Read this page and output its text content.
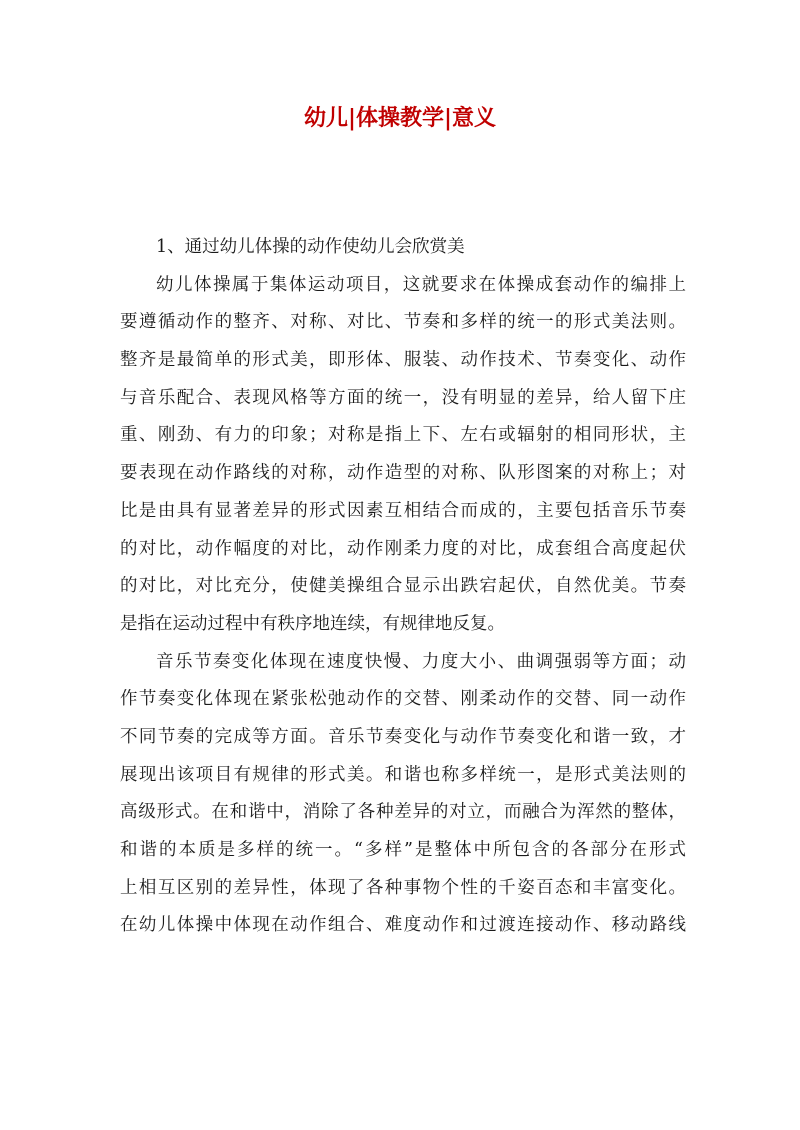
幼儿|体操教学|意义
1、通过幼儿体操的动作使幼儿会欣赏美
幼儿体操属于集体运动项目，这就要求在体操成套动作的编排上
要遵循动作的整齐、对称、对比、节奏和多样的统一的形式美法则。
整齐是最简单的形式美，即形体、服装、动作技术、节奏变化、动作
与音乐配合、表现风格等方面的统一，没有明显的差异，给人留下庄
重、刚劲、有力的印象；对称是指上下、左右或辐射的相同形状，主
要表现在动作路线的对称，动作造型的对称、队形图案的对称上；对
比是由具有显著差异的形式因素互相结合而成的，主要包括音乐节奏
的对比，动作幅度的对比，动作刚柔力度的对比，成套组合高度起伏
的对比，对比充分，使健美操组合显示出跌宕起伏，自然优美。节奏
是指在运动过程中有秩序地连续，有规律地反复。
音乐节奏变化体现在速度快慢、力度大小、曲调强弱等方面；动
作节奏变化体现在紧张松弛动作的交替、刚柔动作的交替、同一动作
不同节奏的完成等方面。音乐节奏变化与动作节奏变化和谐一致，才
展现出该项目有规律的形式美。和谐也称多样统一，是形式美法则的
高级形式。在和谐中，消除了各种差异的对立，而融合为浑然的整体，
和谐的本质是多样的统一。“多样”是整体中所包含的各部分在形式
上相互区别的差异性，体现了各种事物个性的千姿百态和丰富变化。
在幼儿体操中体现在动作组合、难度动作和过渡连接动作、移动路线
